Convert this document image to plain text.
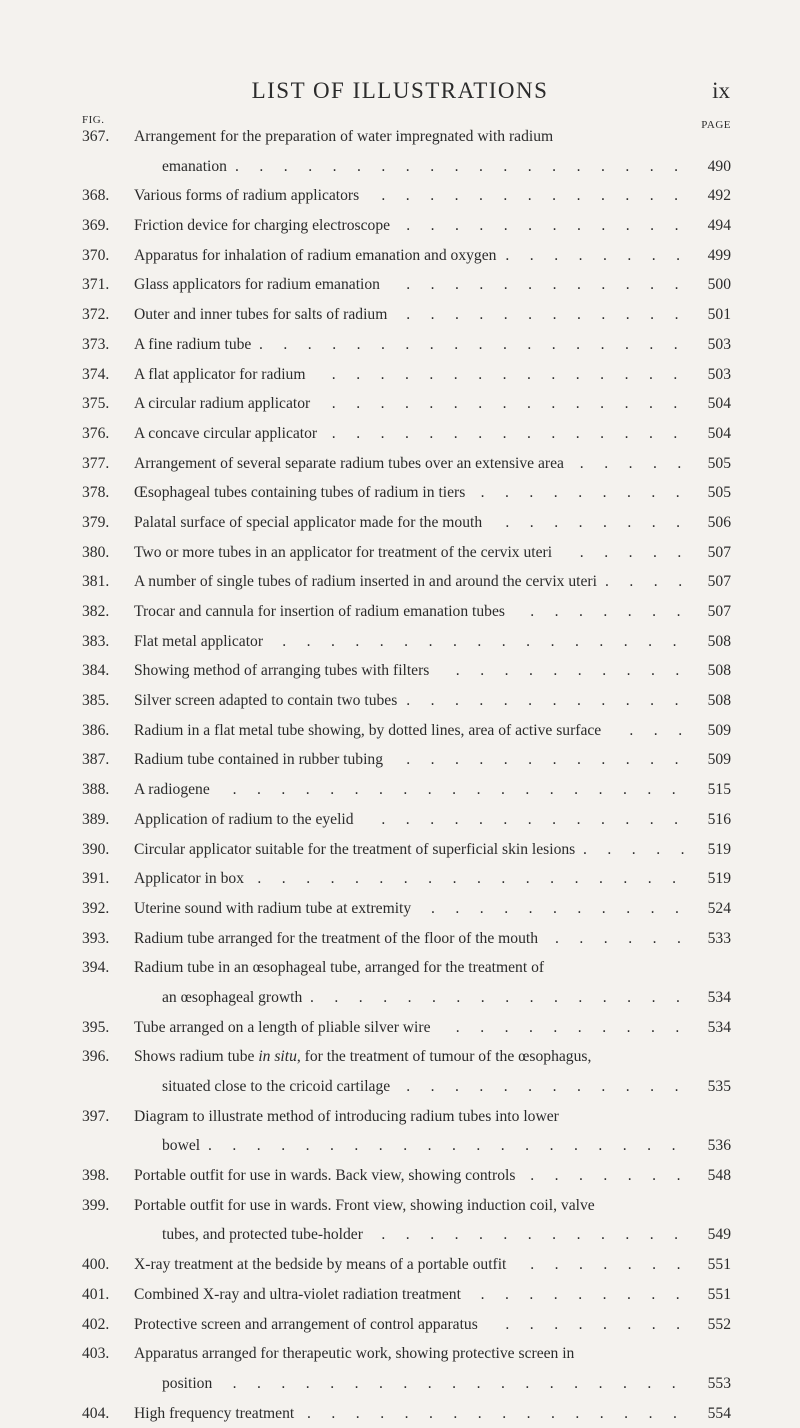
LIST OF ILLUSTRATIONS	ix
FIG.	PAGE
367.	Arrangement for the preparation of water impregnated with radium
emanation	490
...................
368.	Various forms of radium applicators	492
.............
369.	Friction device for charging electroscope	494
............
370.	Apparatus for inhalation of radium emanation and oxygen	499
........
371.	Glass applicators for radium emanation	500
............
372.	Outer and inner tubes for salts of radium	501
............
373.	A fine radium tube	503
..................
374.	A flat applicator for radium	503
...............
375.	A circular radium applicator	504
...............
376.	A concave circular applicator	504
...............
377.	Arrangement of several separate radium tubes over an extensive area	505
.....
378.	Œsophageal tubes containing tubes of radium in tiers	505
.........
379.	Palatal surface of special applicator made for the mouth	506
........
380.	Two or more tubes in an applicator for treatment of the cervix uteri	507
.....
381.	A number of single tubes of radium inserted in and around the cervix uteri	507
....
382.	Trocar and cannula for insertion of radium emanation tubes	507
.......
383.	Flat metal applicator	508
.................
384.	Showing method of arranging tubes with filters	508
..........
385.	Silver screen adapted to contain two tubes	508
............
386.	Radium in a flat metal tube showing, by dotted lines, area of active surface	509
...
387.	Radium tube contained in rubber tubing	509
............
388.	A radiogene	515
...................
389.	Application of radium to the eyelid	516
.............
390.	Circular applicator suitable for the treatment of superficial skin lesions	519
.....
391.	Applicator in box	519
..................
392.	Uterine sound with radium tube at extremity	524
...........
393.	Radium tube arranged for the treatment of the floor of the mouth	533
......
394.	Radium tube in an œsophageal tube, arranged for the treatment of
an œsophageal growth	534
................
395.	Tube arranged on a length of pliable silver wire	534
..........
396.	Shows radium tube in situ, for the treatment of tumour of the œsophagus,
situated close to the cricoid cartilage	535
............
397.	Diagram to illustrate method of introducing radium tubes into lower
bowel	536
....................
398.	Portable outfit for use in wards. Back view, showing controls	548
.......
399.	Portable outfit for use in wards. Front view, showing induction coil, valve
tubes, and protected tube-holder	549
.............
400.	X-ray treatment at the bedside by means of a portable outfit	551
.......
401.	Combined X-ray and ultra-violet radiation treatment	551
.........
402.	Protective screen and arrangement of control apparatus	552
........
403.	Apparatus arranged for therapeutic work, showing protective screen in
position	553
...................
404.	High frequency treatment	554
................
